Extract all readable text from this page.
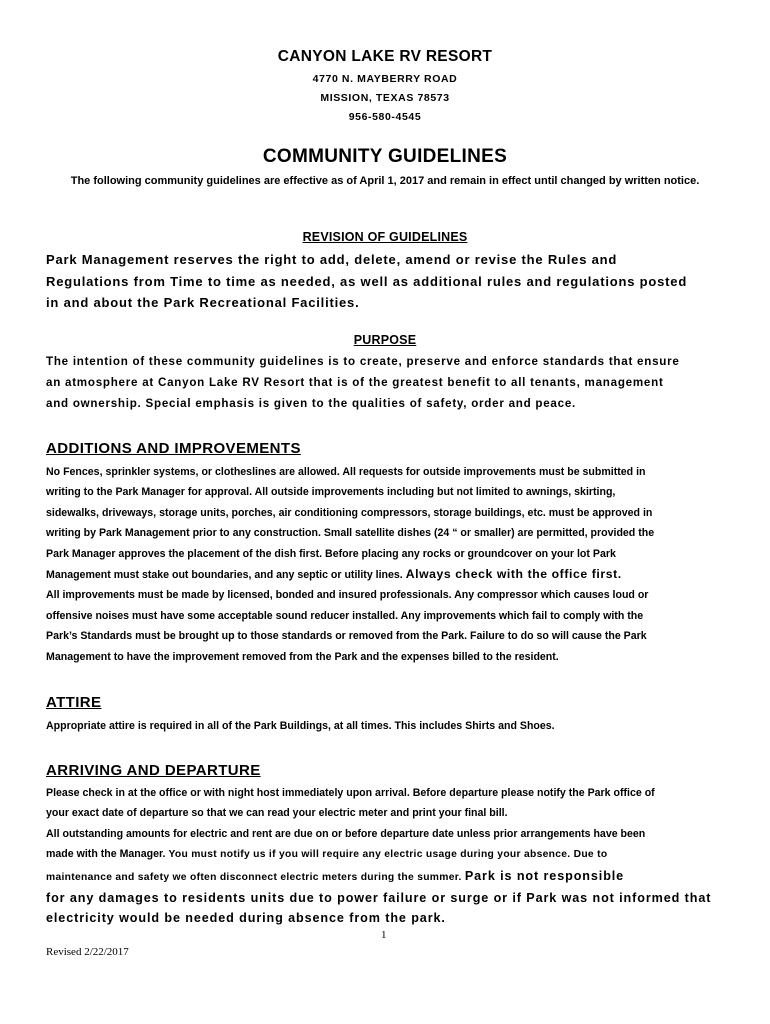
CANYON LAKE RV RESORT
4770 N. MAYBERRY ROAD
MISSION, TEXAS 78573
956-580-4545
COMMUNITY GUIDELINES
The following community guidelines are effective as of April 1, 2017 and remain in effect until changed by written notice.
REVISION OF GUIDELINES
Park Management reserves the right to add, delete, amend or revise the Rules and
Regulations from Time to time as needed, as well as additional rules and regulations posted
in and about the Park Recreational Facilities.
PURPOSE
The intention of these community guidelines is to create, preserve and enforce standards that ensure
an atmosphere at Canyon Lake RV Resort that is of the greatest benefit to all tenants, management
and ownership. Special emphasis is given to the qualities of safety, order and peace.
ADDITIONS AND IMPROVEMENTS
No Fences, sprinkler systems, or clotheslines are allowed. All requests for outside improvements must be submitted in
writing to the Park Manager for approval. All outside improvements including but not limited to awnings, skirting,
sidewalks, driveways, storage units, porches, air conditioning compressors, storage buildings, etc. must be approved in
writing by Park Management prior to any construction. Small satellite dishes (24 “ or smaller) are permitted, provided the
Park Manager approves the placement of the dish first. Before placing any rocks or groundcover on your lot Park
Management must stake out boundaries, and any septic or utility lines. Always check with the office first.
All improvements must be made by licensed, bonded and insured professionals. Any compressor which causes loud or
offensive noises must have some acceptable sound reducer installed. Any improvements which fail to comply with the
Park’s Standards must be brought up to those standards or removed from the Park. Failure to do so will cause the Park
Management to have the improvement removed from the Park and the expenses billed to the resident.
ATTIRE
Appropriate attire is required in all of the Park Buildings, at all times. This includes Shirts and Shoes.
ARRIVING AND DEPARTURE
Please check in at the office or with night host immediately upon arrival. Before departure please notify the Park office of
your exact date of departure so that we can read your electric meter and print your final bill.
All outstanding amounts for electric and rent are due on or before departure date unless prior arrangements have been
made with the Manager. You must notify us if you will require any electric usage during your absence. Due to
maintenance and safety we often disconnect electric meters during the summer. Park is not responsible
for any damages to residents units due to power failure or surge or if Park was not informed that
electricity would be needed during absence from the park.
1
Revised 2/22/2017
